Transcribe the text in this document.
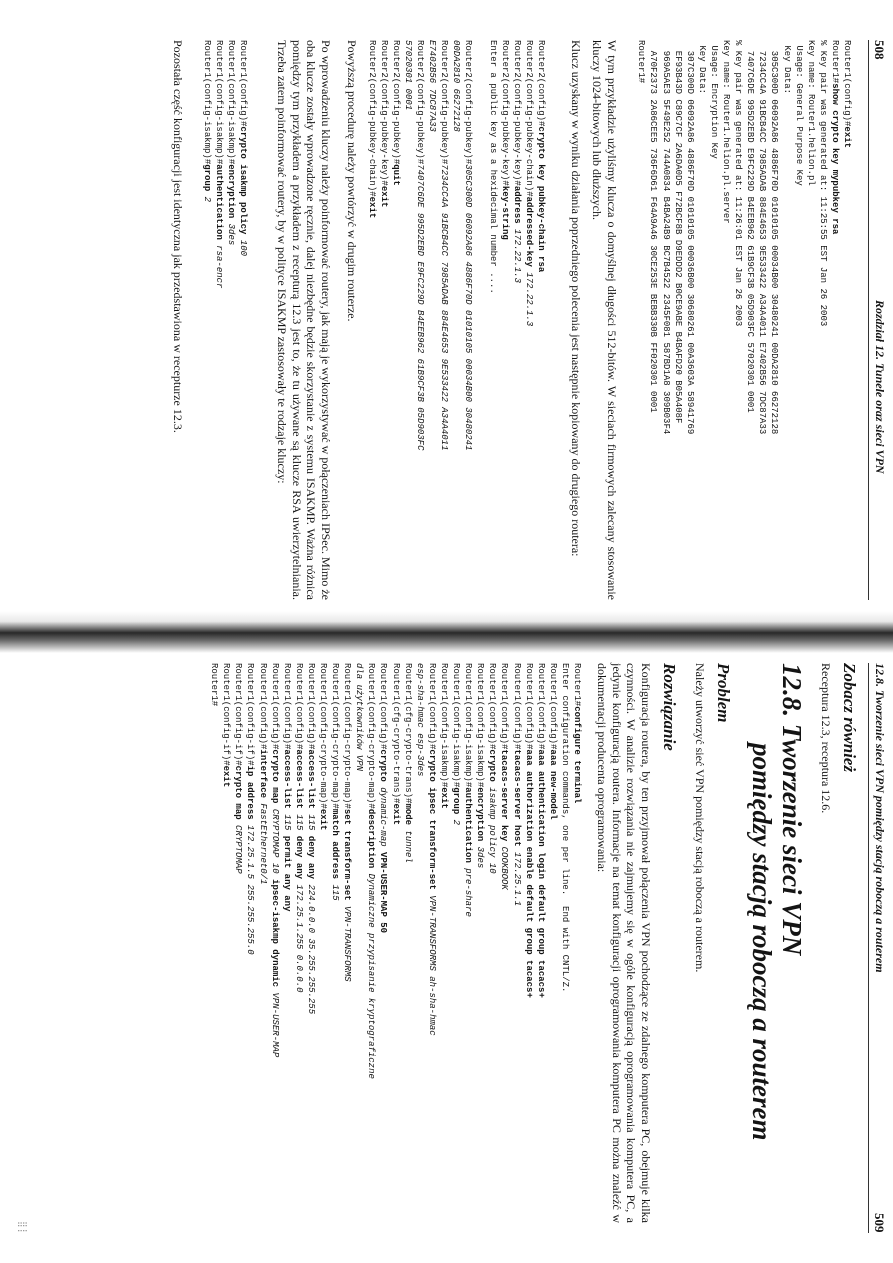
508
Rozdział 12. Tunele oraz sieci VPN
Router1(config)#exit
Router1#show crypto key mypubkey rsa
% Key pair was generated at: 11:25:55 EST Jan 26 2003
Key name: Router1.helion.pl
Usage: General Purpose Key
Key Data:
305C300D 06092A86 4886F70D 01010105 00034B00 30480241 00DA2810 66272128
7234CC4A 91BCB4CC 7985ADAB 884E4653 9E533422 A34A4011 E7402B56 7DC87A33
7407C6DE 995D2EBD E9FC229D B4EEB962 61B9CF3B 05D903FC 57020301 0001
% Key pair was generated at: 11:26:01 EST Jan 26 2003
Key name: Router1.helion.pl.server
Usage: Encryption Key
Key Data:
307C300D 06092A86 4886F70D 01010105 00036B00 30680261 00A3603A 58941769
EF93B43D C89C7CF 2A6DA0D5 F72BCF8B D9EDDD2 B0CE9ABE B4BAFD20 B05A408F
969A5AE3 5F49E252 744A0834 B4BA24B9 BC7B4522 2345F081 587BD1A8 309B03F4
A70F2373 2A86CEE5 736F6D61 F64A9A46 30CE253E BEBB330B FF020301 0001
Router1#

W tym przykładzie użyliśmy klucza o domyślnej długości 512-bitów. W sieciach firmowych zalecany stosowanie kluczy 1024-bitowych lub dłuższych.

Klucz uzyskany w wyniku działania poprzedniego polecenia jest następnie kopiowany do drugiego routera:

Router2(config)#crypto key pubkey-chain rsa
Router2(config-pubkey-chain)#addressed-key 172.22.1.3
Router2(config-pubkey-key)#address 172.22.1.3
Router2(config-pubkey-key)#key-string
Enter a public key as a hexidecimal number ....

Router2(config-pubkey)#305C300D 06092A86 4886F70D 01010105 00034B00 30480241
00DA2810 66272128
Router2(config-pubkey)#7234CC4A 91BCB4CC 7985ADAB 884E4653 9E533422 A34A4011
E7402B56 7DC87A33
Router2(config-pubkey)#7407C6DE 995D2EBD E9FC229D B4EEB962 61B9CF3B 05D903FC
57020301 0001
Router2(config-pubkey)#quit
Router2(config-pubkey-key)#exit
Router2(config-pubkey-chain)#exit

Powyższą procedurę należy powtórzyć w drugim routerze.

Po wprowadzeniu kluczy należy poinformować routery, jak mają je wykorzystywać w połączeniach IPSec. Mimo że oba klucze zostały wprowadzone ręcznie, dalej niezbędne będzie skorzystanie z systemu ISAKMP. Ważna różnica pomiędzy tym przykładem a przykładem z recepturą 12.3 jest to, że tu używane są klucze RSA uwierzytelniania. Trzeba zatem poinformować routery, by w polityce ISAKMP zastosowały te rodzaje kluczy:

Router1(config)#crypto isakmp policy 100
Router1(config-isakmp)#encryption 3des
Router1(config-isakmp)#authentication rsa-encr
Router1(config-isakmp)#group 2

Pozostała część konfiguracji jest identyczna jak przedstawiona w recepturze 12.3.

12.8. Tworzenie sieci VPN pomiędzy stacją roboczą a routerem
509
Zobacz również

Receptura 12.3, receptura 12.6.

12.8. Tworzenie sieci VPN
pomiędzy stacją roboczą a routerem
Problem

Należy utworzyć sieć VPN pomiędzy stacją roboczą a routerem.

Rozwiązanie

Konfiguracja routera, by ten przyjmował połączenia VPN pochodzące ze zdalnego komputera PC, obejmuje kilka czynności. W analizie rozwiązania nie zajmujemy się w ogóle konfiguracją oprogramowania komputera PC, a jedynie konfiguracją routera. Informacje na temat konfiguracji oprogramowania komputera PC można znaleźć w dokumentacji producenta oprogramowania:

Router1#configure terminal
Enter configuration commands, one per line.  End with CNTL/Z.
Router1(config)#aaa new-model
Router1(config)#aaa authentication login default group tacacs+
Router1(config)#aaa authorization enable default group tacacs+
Router1(config)#tacacs-server host 172.25.1.1
Router1(config)#tacacs-server key COOKBOOK
Router1(config)#crypto isakmp policy 10
Router1(config-isakmp)#encryption 3des
Router1(config-isakmp)#authentication pre-share
Router1(config-isakmp)#group 2
Router1(config-isakmp)#exit
Router1(config)#crypto ipsec transform-set VPN-TRANSFORMS ah-sha-hmac
esp-sha-hmac esp-3des
Router1(cfg-crypto-trans)#mode tunnel
Router1(cfg-crypto-trans)#exit
Router1(config)#crypto dynamic-map VPN-USER-MAP 50
Router1(config-crypto-map)#description Dynamiczne przypisanie kryptograficzne
dla użytkowników VPN
Router1(config-crypto-map)#set transform-set VPN-TRANSFORMS
Router1(config-crypto-map)#match address 115
Router1(config-crypto-map)#exit
Router1(config)#access-list 115 deny any 224.0.0.0 35.255.255.255
Router1(config)#access-list 115 deny any 172.25.1.255 0.0.0.0
Router1(config)#access-list 115 permit any any
Router1(config)#crypto map CRYPTOMAP 10 ipsec-isakmp dynamic VPN-USER-MAP
Router1(config)#interface FastEthernet0/1
Router1(config-if)#ip address 172.25.1.5 255.255.255.0
Router1(config-if)#crypto map CRYPTOMAP
Router1(config-if)#exit
Router1#
⣿⡇
